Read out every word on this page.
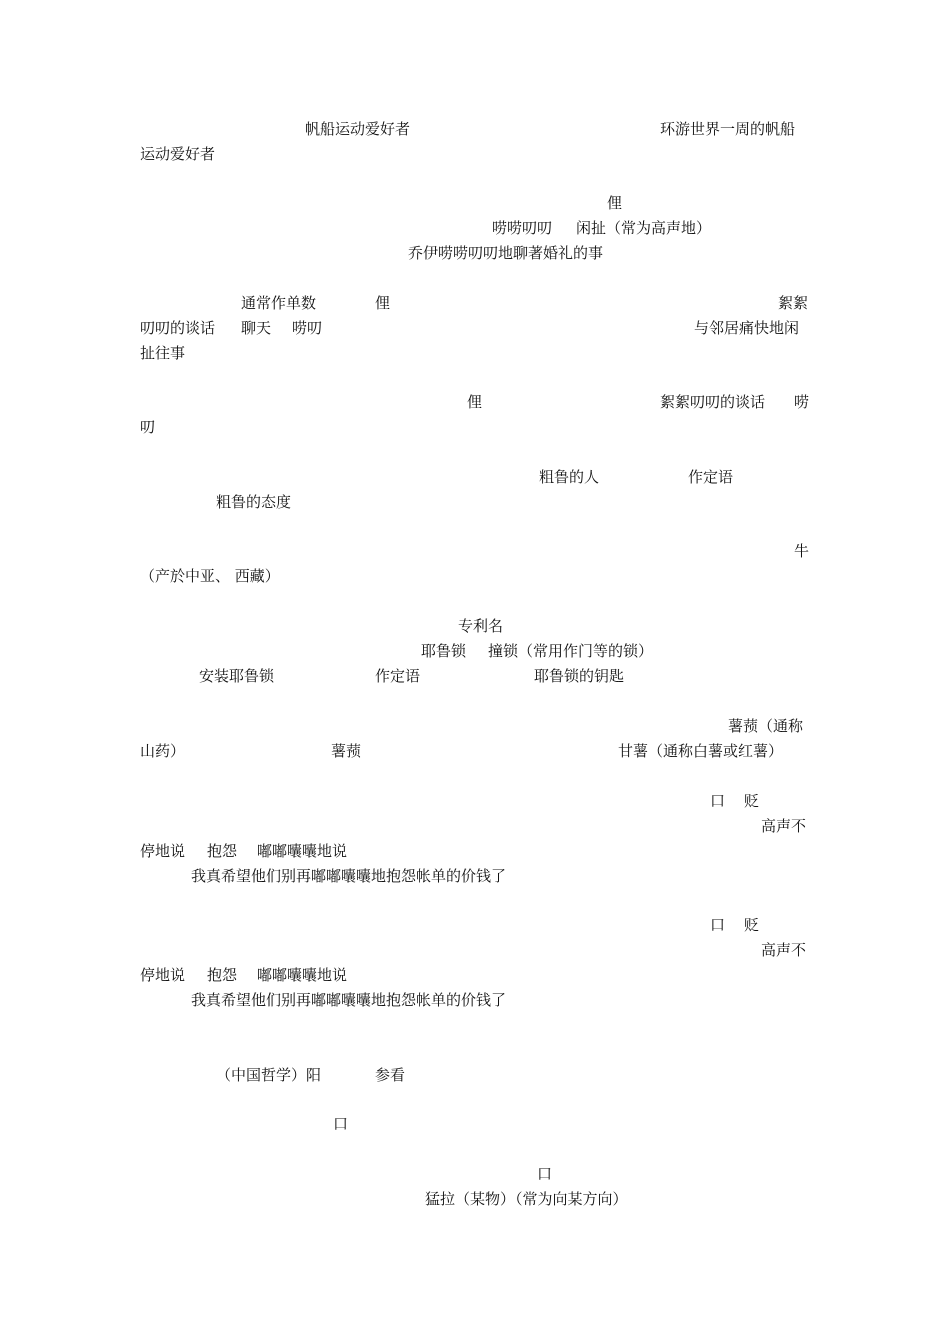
帆船运动爱好者	环游世界一周的帆船
运动爱好者
俚
唠唠叨叨 闲扯（常为高声地）
乔伊唠唠叨叨地聊著婚礼的事
通常作单数	俚	絮絮
叨叨的谈话 聊天 唠叨	与邻居痛快地闲
扯往事
俚	絮絮叨叨的谈话 唠
叨
粗鲁的人	作定语
粗鲁的态度
牛
（产於中亚、 西藏）
专利名
耶鲁锁 撞锁（常用作门等的锁）
安装耶鲁锁	作定语	耶鲁锁的钥匙
薯蓣（通称
山药）	薯蓣	甘薯（通称白薯或红薯）
口 贬
高声不
停地说 抱怨 嘟嘟囔囔地说
我真希望他们别再嘟嘟囔囔地抱怨帐单的价钱了
口 贬
高声不
停地说 抱怨 嘟嘟囔囔地说
我真希望他们别再嘟嘟囔囔地抱怨帐单的价钱了
（中国哲学）阳	参看
口
口
猛拉（某物）（常为向某方向）
